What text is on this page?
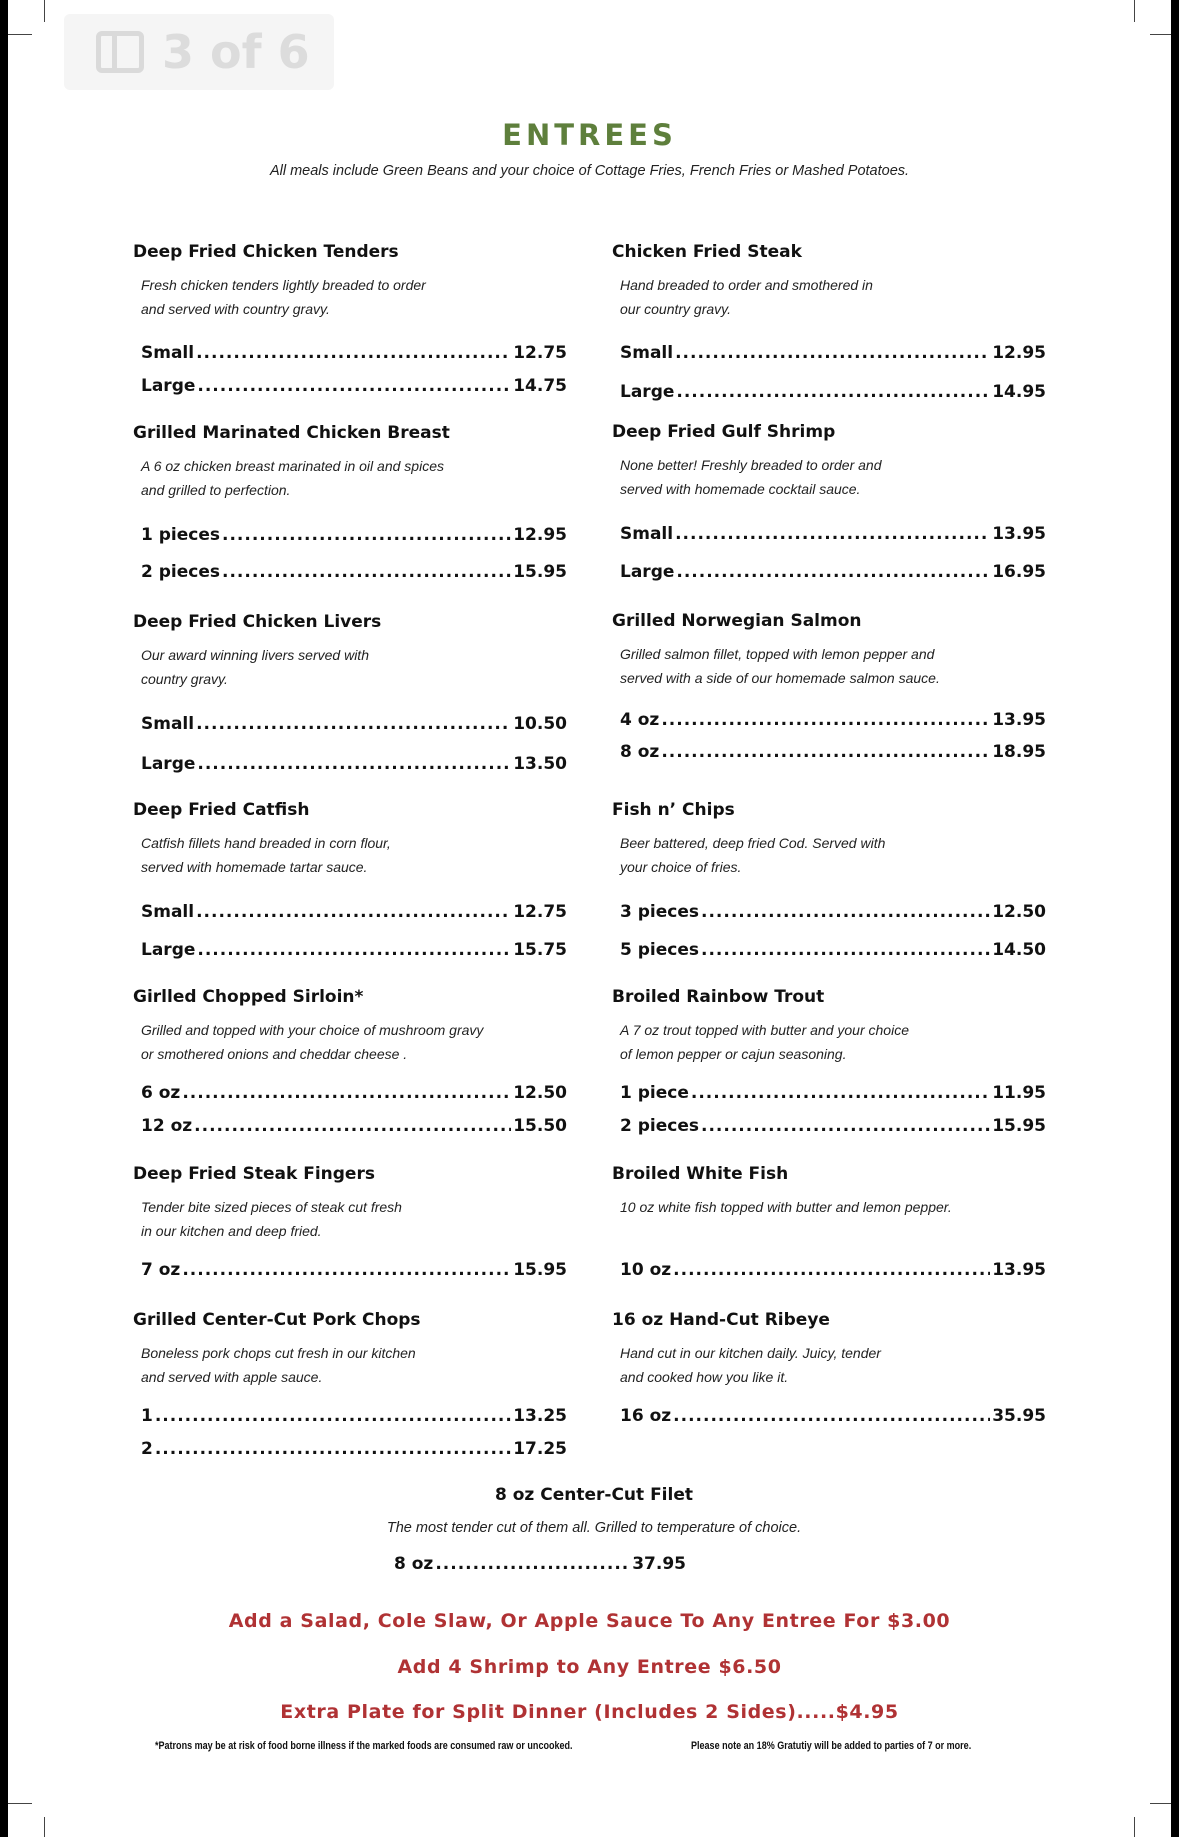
3 of 6
ENTREES
All meals include Green Beans and your choice of Cottage Fries, French Fries or Mashed Potatoes.
Deep Fried Chicken Tenders
Fresh chicken tenders lightly breaded to order
and served with country gravy.
Small .....	12.75
Large .....	14.75
Grilled Marinated Chicken Breast
A 6 oz chicken breast marinated in oil and spices
and grilled to perfection.
1 pieces .....	12.95
2 pieces .....	15.95
Deep Fried Chicken Livers
Our award winning livers served with
country gravy.
Small .....	10.50
Large .....	13.50
Deep Fried Catfish
Catfish fillets hand breaded in corn flour,
served with homemade tartar sauce.
Small .....	12.75
Large .....	15.75
Girlled Chopped Sirloin*
Grilled and topped with your choice of mushroom gravy
or smothered onions and cheddar cheese .
6 oz .....	12.50
12 oz .....	15.50
Deep Fried Steak Fingers
Tender bite sized pieces of steak cut fresh
in our kitchen and deep fried.
7 oz .....	15.95
Grilled Center-Cut Pork Chops
Boneless pork chops cut fresh in our kitchen
and served with apple sauce.
1 .....	13.25
2 .....	17.25
Chicken Fried Steak
Hand breaded to order and smothered in
our country gravy.
Small .....	12.95
Large .....	14.95
Deep Fried Gulf Shrimp
None better! Freshly breaded to order and
served with homemade cocktail sauce.
Small .....	13.95
Large .....	16.95
Grilled Norwegian Salmon
Grilled salmon fillet, topped with lemon pepper and
served with a side of our homemade salmon sauce.
4 oz .....	13.95
8 oz .....	18.95
Fish n’ Chips
Beer battered, deep fried Cod. Served with
your choice of fries.
3 pieces .....	12.50
5 pieces .....	14.50
Broiled Rainbow Trout
A 7 oz trout topped with butter and your choice
of lemon pepper or cajun seasoning.
1 piece .....	11.95
2 pieces .....	15.95
Broiled White Fish
10 oz white fish topped with butter and lemon pepper.
10 oz .....	13.95
16 oz Hand-Cut Ribeye
Hand cut in our kitchen daily. Juicy, tender
and cooked how you like it.
16 oz .....	35.95
8 oz Center-Cut Filet
The most tender cut of them all. Grilled to temperature of choice.
8 oz .....	37.95
Add a Salad, Cole Slaw, Or Apple Sauce To Any Entree For $3.00
Add 4 Shrimp to Any Entree $6.50
Extra Plate for Split Dinner (Includes 2 Sides).....$4.95
*Patrons may be at risk of food borne illness if the marked foods are consumed raw or uncooked.	Please note an 18% Gratutiy will be added to parties of 7 or more.
